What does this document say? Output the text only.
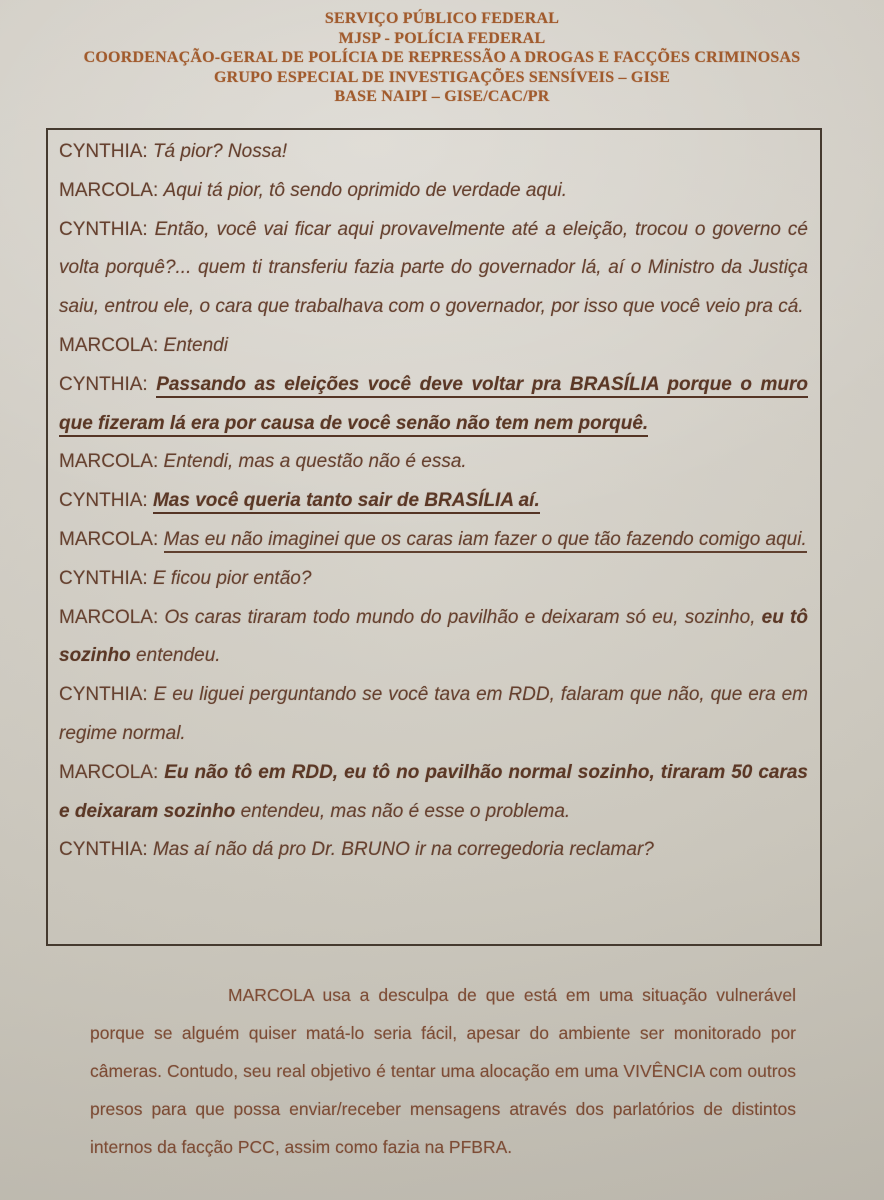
SERVIÇO PÚBLICO FEDERAL
MJSP - POLÍCIA FEDERAL
COORDENAÇÃO-GERAL DE POLÍCIA DE REPRESSÃO A DROGAS E FACÇÕES CRIMINOSAS
GRUPO ESPECIAL DE INVESTIGAÇÕES SENSÍVEIS – GISE
BASE NAIPI – GISE/CAC/PR

CYNTHIA: Tá pior? Nossa!

MARCOLA: Aqui tá pior, tô sendo oprimido de verdade aqui.

CYNTHIA: Então, você vai ficar aqui provavelmente até a eleição, trocou o governo cé volta porquê?... quem ti transferiu fazia parte do governador lá, aí o Ministro da Justiça saiu, entrou ele, o cara que trabalhava com o governador, por isso que você veio pra cá.

MARCOLA: Entendi

CYNTHIA: Passando as eleições você deve voltar pra BRASÍLIA porque o muro que fizeram lá era por causa de você senão não tem nem porquê.

MARCOLA: Entendi, mas a questão não é essa.

CYNTHIA: Mas você queria tanto sair de BRASÍLIA aí.

MARCOLA: Mas eu não imaginei que os caras iam fazer o que tão fazendo comigo aqui.

CYNTHIA: E ficou pior então?

MARCOLA: Os caras tiraram todo mundo do pavilhão e deixaram só eu, sozinho, eu tô sozinho entendeu.

CYNTHIA: E eu liguei perguntando se você tava em RDD, falaram que não, que era em regime normal.

MARCOLA: Eu não tô em RDD, eu tô no pavilhão normal sozinho, tiraram 50 caras e deixaram sozinho entendeu, mas não é esse o problema.

CYNTHIA: Mas aí não dá pro Dr. BRUNO ir na corregedoria reclamar?

MARCOLA usa a desculpa de que está em uma situação vulnerável porque se alguém quiser matá-lo seria fácil, apesar do ambiente ser monitorado por câmeras. Contudo, seu real objetivo é tentar uma alocação em uma VIVÊNCIA com outros presos para que possa enviar/receber mensagens através dos parlatórios de distintos internos da facção PCC, assim como fazia na PFBRA.
